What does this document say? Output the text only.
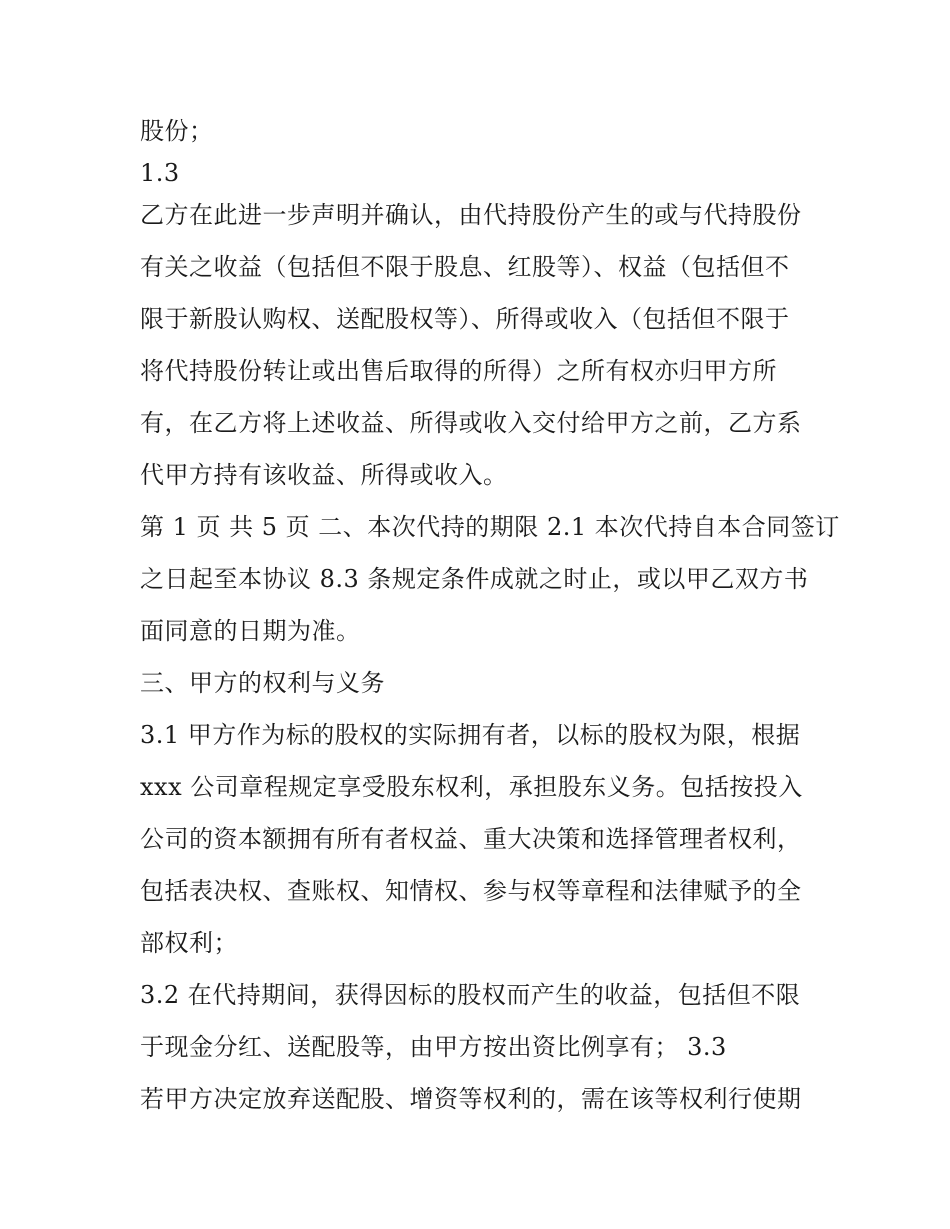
股份；
1.3
乙方在此进一步声明并确认，由代持股份产生的或与代持股份
有关之收益（包括但不限于股息、红股等）、权益（包括但不
限于新股认购权、送配股权等）、所得或收入（包括但不限于
将代持股份转让或出售后取得的所得）之所有权亦归甲方所
有，在乙方将上述收益、所得或收入交付给甲方之前，乙方系
代甲方持有该收益、所得或收入。
第 1 页 共 5 页 二、本次代持的期限 2.1 本次代持自本合同签订
之日起至本协议 8.3 条规定条件成就之时止，或以甲乙双方书
面同意的日期为准。
三、甲方的权利与义务
3.1 甲方作为标的股权的实际拥有者，以标的股权为限，根据
xxx 公司章程规定享受股东权利，承担股东义务。包括按投入
公司的资本额拥有所有者权益、重大决策和选择管理者权利，
包括表决权、查账权、知情权、参与权等章程和法律赋予的全
部权利；
3.2 在代持期间，获得因标的股权而产生的收益，包括但不限
于现金分红、送配股等，由甲方按出资比例享有； 3.3
若甲方决定放弃送配股、增资等权利的，需在该等权利行使期
